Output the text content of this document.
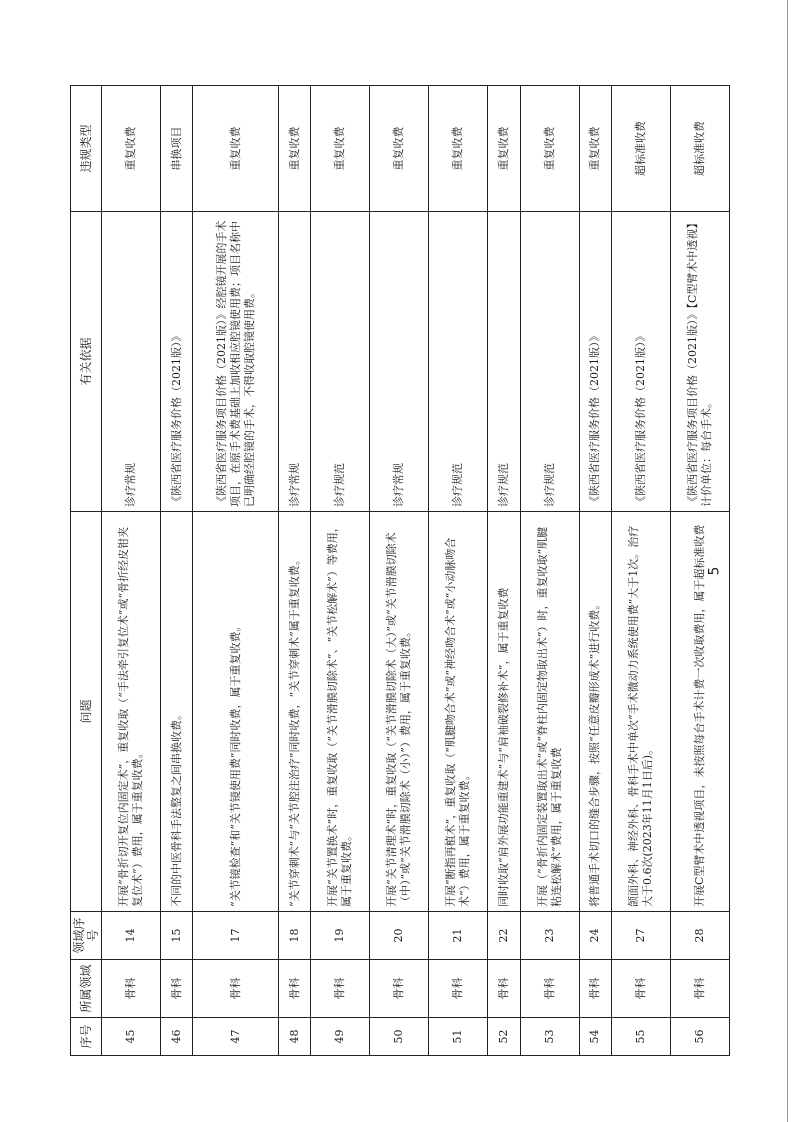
序号	所属领域	领域序号	问题	有关依据	违规类型
45	骨科	14	开展“骨折切开复位内固定术”，重复收取（“手法牵引复位术”或“骨折经皮钳夹复位术”）费用，属于重复收费。	诊疗常规	重复收费
46	骨科	15	不同的中医骨科手法整复之间串换收费。	《陕西省医疗服务价格（2021版）》	串换项目
47	骨科	17	“关节镜检查”和“关节镜使用费”同时收费，属于重复收费。	《陕西省医疗服务项目价格（2021版）》经腔镜开展的手术项目，在原手术费基础上加收相应腔镜使用费；项目名称中已明确经腔镜的手术，不得收取腔镜使用费。	重复收费
48	骨科	18	“关节穿刺术”与“关节腔注治疗”同时收费，“关节穿刺术”属于重复收费。	诊疗常规	重复收费
49	骨科	19	开展“关节置换术”时，重复收取（“关节滑膜切除术”、“关节松解术”）等费用，属于重复收费。	诊疗规范	重复收费
50	骨科	20	开展“关节清理术”时，重复收取（“关节滑膜切除术（大）”或“关节滑膜切除术（中）”或“关节滑膜切除术（小）”）费用，属于重复收费。	诊疗常规	重复收费
51	骨科	21	开展“断指再植术”，重复收取（“肌腱吻合术”或“神经吻合术”或“小动脉吻合术”）费用，属于重复收费。	诊疗规范	重复收费
52	骨科	22	同时收取“肩外展功能重建术”与“肩袖破裂修补术”，属于重复收费	诊疗规范	重复收费
53	骨科	23	开展（“骨折内固定装置取出术”或“脊柱内固定物取出术”）时，重复收取“肌腱粘连松解术”费用，属于重复收费	诊疗规范	重复收费
54	骨科	24	将普通手术切口的缝合步骤，按照“任意皮瓣形成术”进行收费。	《陕西省医疗服务价格（2021版）》	重复收费
55	骨科	27	颌面外科、神经外科、骨科手术中单次“手术微动力系统使用费”大于1次。治疗大于0.6次(2023年11月1日后)。	《陕西省医疗服务价格（2021版）》	超标准收费
56	骨科	28	开展C型臂术中透视项目，未按照每台手术计费一次收取费用，属于超标准收费	《陕西省医疗服务项目价格（2021版）》【C型臂术中透视】计价单位：每台手术。	超标准收费
5
